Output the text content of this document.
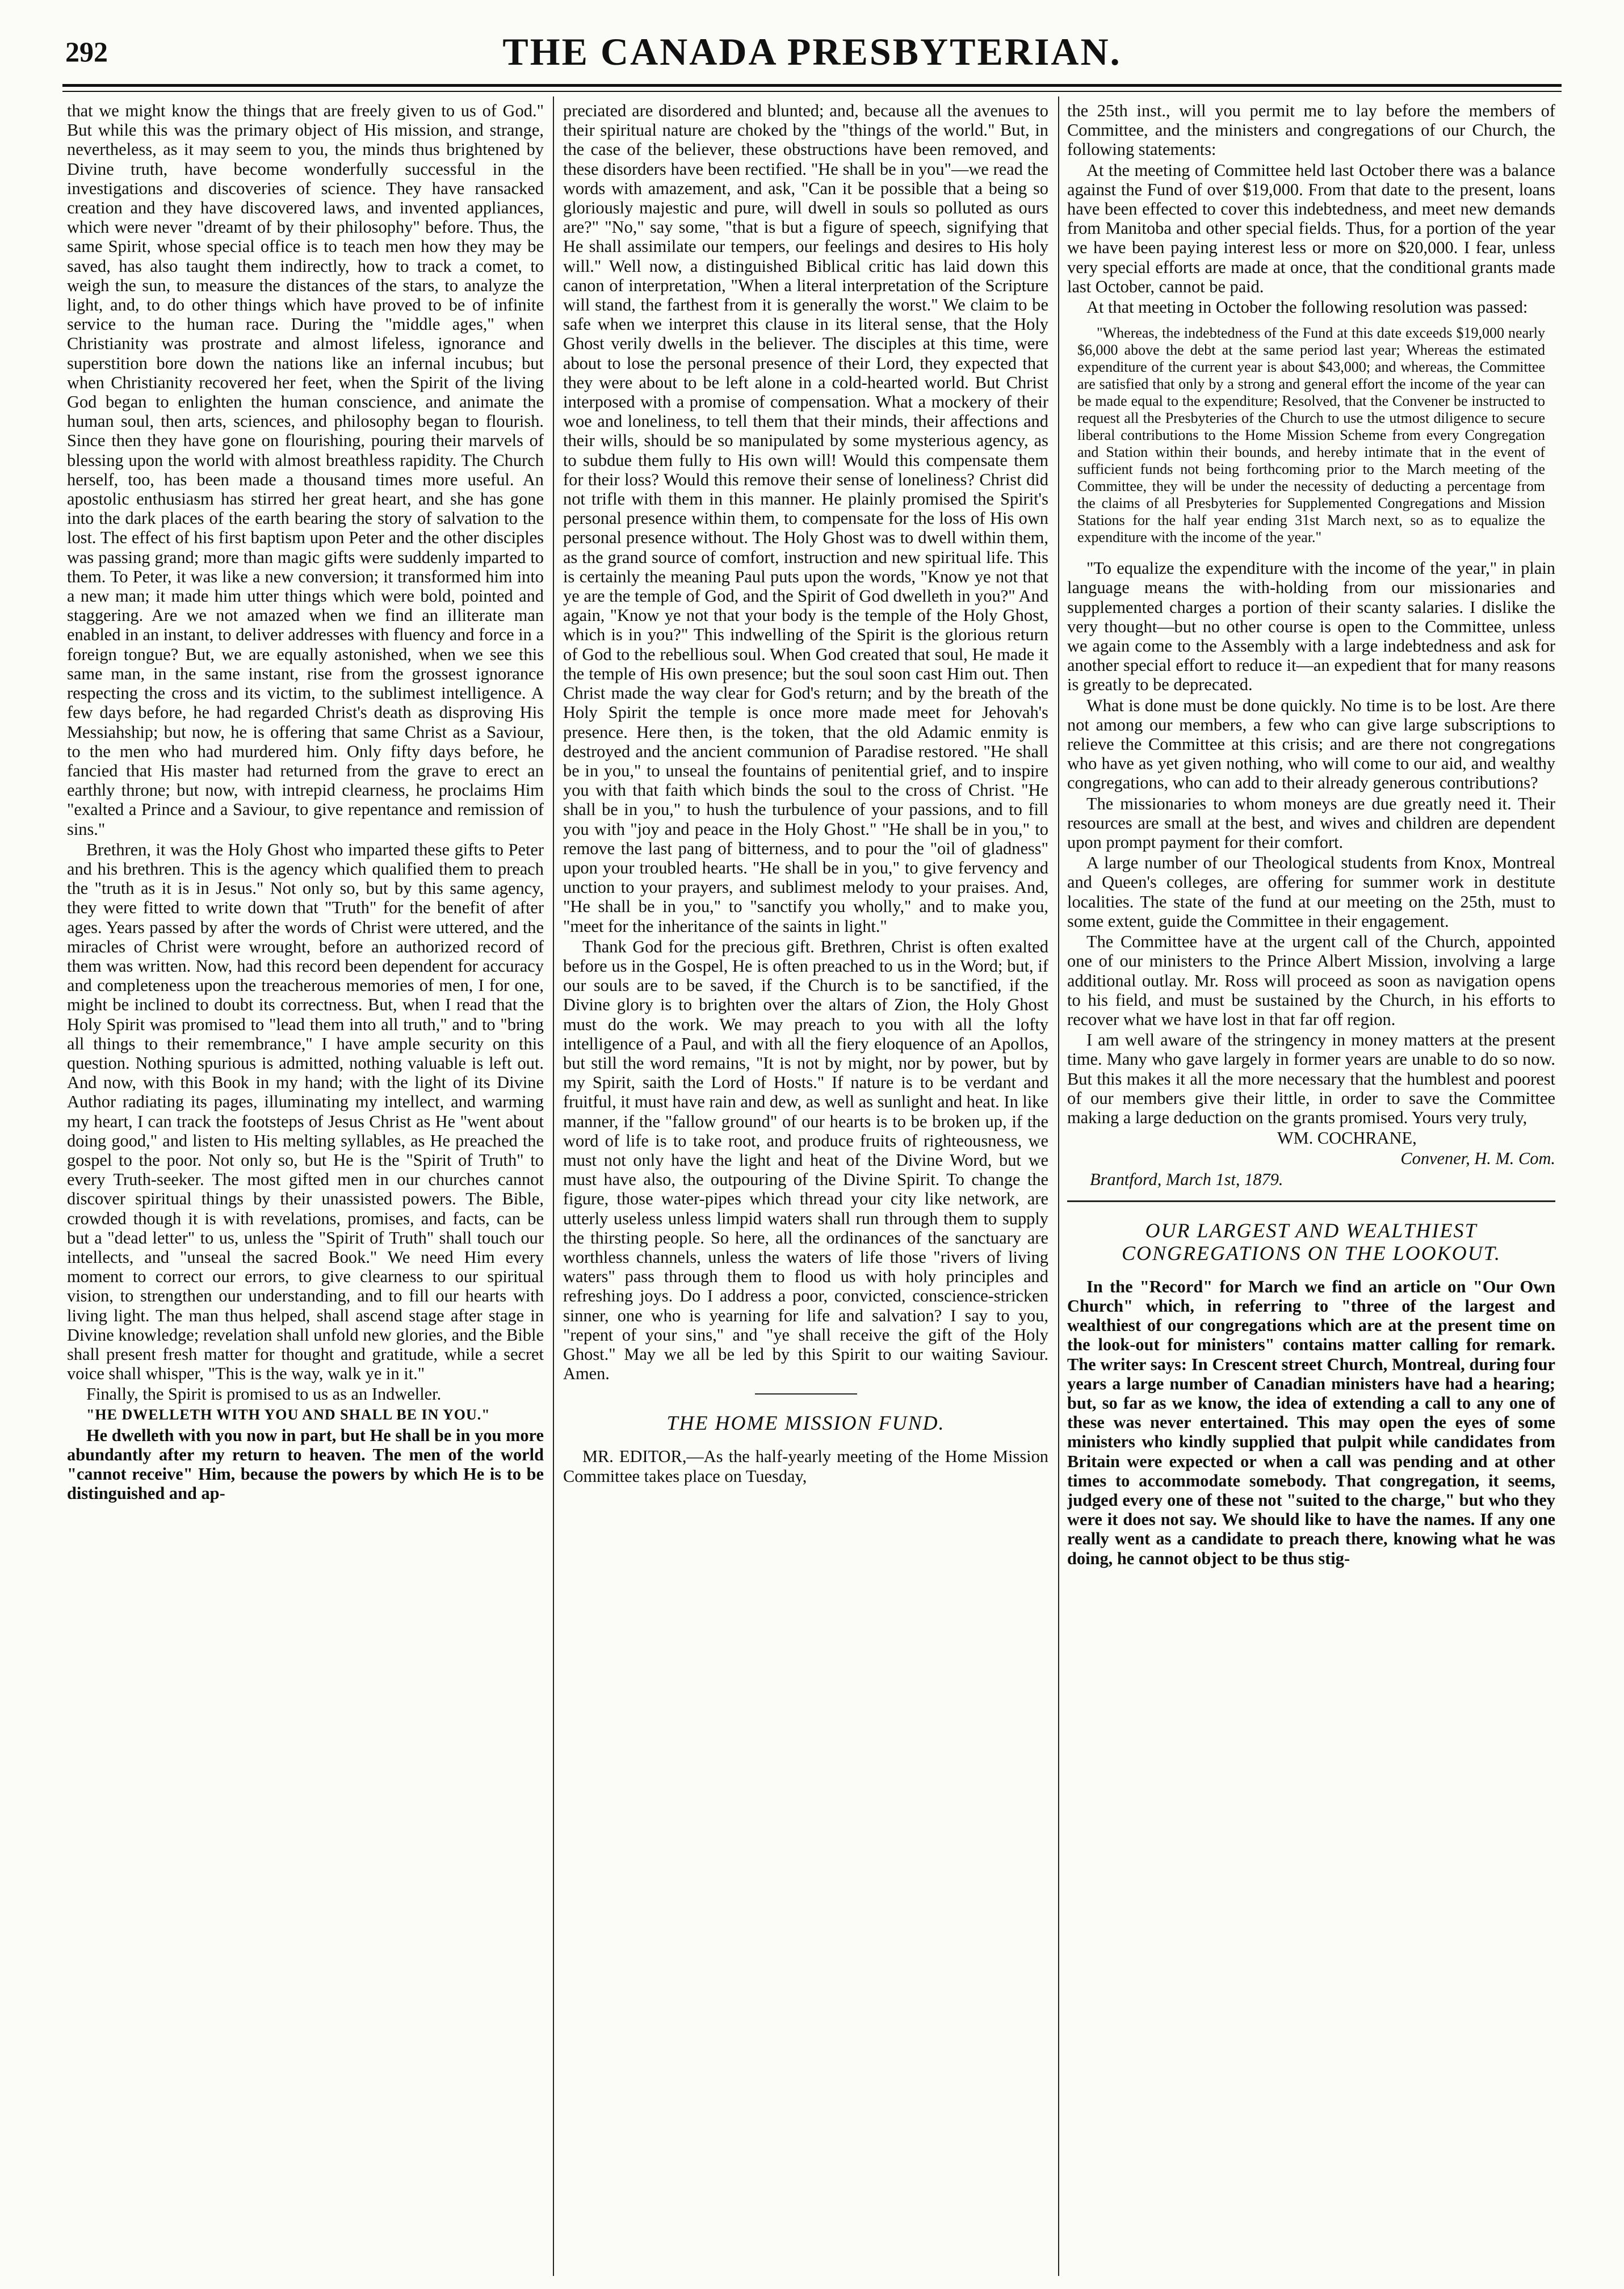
292	THE CANADA PRESBYTERIAN.

that we might know the things that are freely given to us of God." But while this was the primary object of His mission, and strange, nevertheless, as it may seem to you, the minds thus brightened by Divine truth, have become wonderfully successful in the investigations and discoveries of science. They have ransacked creation and they have discovered laws, and invented appliances, which were never "dreamt of by their philosophy" before. Thus, the same Spirit, whose special office is to teach men how they may be saved, has also taught them indirectly, how to track a comet, to weigh the sun, to measure the distances of the stars, to analyze the light, and, to do other things which have proved to be of infinite service to the human race. During the "middle ages," when Christianity was prostrate and almost lifeless, ignorance and superstition bore down the nations like an infernal incubus; but when Christianity recovered her feet, when the Spirit of the living God began to enlighten the human conscience, and animate the human soul, then arts, sciences, and philosophy began to flourish. Since then they have gone on flourishing, pouring their marvels of blessing upon the world with almost breathless rapidity. The Church herself, too, has been made a thousand times more useful. An apostolic enthusiasm has stirred her great heart, and she has gone into the dark places of the earth bearing the story of salvation to the lost. The effect of his first baptism upon Peter and the other disciples was passing grand; more than magic gifts were suddenly imparted to them. To Peter, it was like a new conversion; it transformed him into a new man; it made him utter things which were bold, pointed and staggering. Are we not amazed when we find an illiterate man enabled in an instant, to deliver addresses with fluency and force in a foreign tongue? But, we are equally astonished, when we see this same man, in the same instant, rise from the grossest ignorance respecting the cross and its victim, to the sublimest intelligence. A few days before, he had regarded Christ's death as disproving His Messiahship; but now, he is offering that same Christ as a Saviour, to the men who had murdered him. Only fifty days before, he fancied that His master had returned from the grave to erect an earthly throne; but now, with intrepid clearness, he proclaims Him "exalted a Prince and a Saviour, to give repentance and remission of sins."

Brethren, it was the Holy Ghost who imparted these gifts to Peter and his brethren. This is the agency which qualified them to preach the "truth as it is in Jesus." Not only so, but by this same agency, they were fitted to write down that "Truth" for the benefit of after ages. Years passed by after the words of Christ were uttered, and the miracles of Christ were wrought, before an authorized record of them was written. Now, had this record been dependent for accuracy and completeness upon the treacherous memories of men, I for one, might be inclined to doubt its correctness. But, when I read that the Holy Spirit was promised to "lead them into all truth," and to "bring all things to their remembrance," I have ample security on this question. Nothing spurious is admitted, nothing valuable is left out. And now, with this Book in my hand; with the light of its Divine Author radiating its pages, illuminating my intellect, and warming my heart, I can track the footsteps of Jesus Christ as He "went about doing good," and listen to His melting syllables, as He preached the gospel to the poor. Not only so, but He is the "Spirit of Truth" to every Truth-seeker. The most gifted men in our churches cannot discover spiritual things by their unassisted powers. The Bible, crowded though it is with revelations, promises, and facts, can be but a "dead letter" to us, unless the "Spirit of Truth" shall touch our intellects, and "unseal the sacred Book." We need Him every moment to correct our errors, to give clearness to our spiritual vision, to strengthen our understanding, and to fill our hearts with living light. The man thus helped, shall ascend stage after stage in Divine knowledge; revelation shall unfold new glories, and the Bible shall present fresh matter for thought and gratitude, while a secret voice shall whisper, "This is the way, walk ye in it."

Finally, the Spirit is promised to us as an Indweller.

"HE DWELLETH WITH YOU AND SHALL BE IN YOU."

He dwelleth with you now in part, but He shall be in you more abundantly after my return to heaven. The men of the world "cannot receive" Him, because the powers by which He is to be distinguished and ap-

preciated are disordered and blunted; and, because all the avenues to their spiritual nature are choked by the "things of the world." But, in the case of the believer, these obstructions have been removed, and these disorders have been rectified. "He shall be in you"—we read the words with amazement, and ask, "Can it be possible that a being so gloriously majestic and pure, will dwell in souls so polluted as ours are?" "No," say some, "that is but a figure of speech, signifying that He shall assimilate our tempers, our feelings and desires to His holy will." Well now, a distinguished Biblical critic has laid down this canon of interpretation, "When a literal interpretation of the Scripture will stand, the farthest from it is generally the worst." We claim to be safe when we interpret this clause in its literal sense, that the Holy Ghost verily dwells in the believer. The disciples at this time, were about to lose the personal presence of their Lord, they expected that they were about to be left alone in a cold-hearted world. But Christ interposed with a promise of compensation. What a mockery of their woe and loneliness, to tell them that their minds, their affections and their wills, should be so manipulated by some mysterious agency, as to subdue them fully to His own will! Would this compensate them for their loss? Would this remove their sense of loneliness? Christ did not trifle with them in this manner. He plainly promised the Spirit's personal presence within them, to compensate for the loss of His own personal presence without. The Holy Ghost was to dwell within them, as the grand source of comfort, instruction and new spiritual life. This is certainly the meaning Paul puts upon the words, "Know ye not that ye are the temple of God, and the Spirit of God dwelleth in you?" And again, "Know ye not that your body is the temple of the Holy Ghost, which is in you?" This indwelling of the Spirit is the glorious return of God to the rebellious soul. When God created that soul, He made it the temple of His own presence; but the soul soon cast Him out. Then Christ made the way clear for God's return; and by the breath of the Holy Spirit the temple is once more made meet for Jehovah's presence. Here then, is the token, that the old Adamic enmity is destroyed and the ancient communion of Paradise restored. "He shall be in you," to unseal the fountains of penitential grief, and to inspire you with that faith which binds the soul to the cross of Christ. "He shall be in you," to hush the turbulence of your passions, and to fill you with "joy and peace in the Holy Ghost." "He shall be in you," to remove the last pang of bitterness, and to pour the "oil of gladness" upon your troubled hearts. "He shall be in you," to give fervency and unction to your prayers, and sublimest melody to your praises. And, "He shall be in you," to "sanctify you wholly," and to make you, "meet for the inheritance of the saints in light."

Thank God for the precious gift. Brethren, Christ is often exalted before us in the Gospel, He is often preached to us in the Word; but, if our souls are to be saved, if the Church is to be sanctified, if the Divine glory is to brighten over the altars of Zion, the Holy Ghost must do the work. We may preach to you with all the lofty intelligence of a Paul, and with all the fiery eloquence of an Apollos, but still the word remains, "It is not by might, nor by power, but by my Spirit, saith the Lord of Hosts." If nature is to be verdant and fruitful, it must have rain and dew, as well as sunlight and heat. In like manner, if the "fallow ground" of our hearts is to be broken up, if the word of life is to take root, and produce fruits of righteousness, we must not only have the light and heat of the Divine Word, but we must have also, the outpouring of the Divine Spirit. To change the figure, those water-pipes which thread your city like network, are utterly useless unless limpid waters shall run through them to supply the thirsting people. So here, all the ordinances of the sanctuary are worthless channels, unless the waters of life those "rivers of living waters" pass through them to flood us with holy principles and refreshing joys. Do I address a poor, convicted, conscience-stricken sinner, one who is yearning for life and salvation? I say to you, "repent of your sins," and "ye shall receive the gift of the Holy Ghost." May we all be led by this Spirit to our waiting Saviour. Amen.

THE HOME MISSION FUND.

MR. EDITOR,—As the half-yearly meeting of the Home Mission Committee takes place on Tuesday,

the 25th inst., will you permit me to lay before the members of Committee, and the ministers and congregations of our Church, the following statements:

At the meeting of Committee held last October there was a balance against the Fund of over $19,000. From that date to the present, loans have been effected to cover this indebtedness, and meet new demands from Manitoba and other special fields. Thus, for a portion of the year we have been paying interest less or more on $20,000. I fear, unless very special efforts are made at once, that the conditional grants made last October, cannot be paid.

At that meeting in October the following resolution was passed:

"Whereas, the indebtedness of the Fund at this date exceeds $19,000 nearly $6,000 above the debt at the same period last year; Whereas the estimated expenditure of the current year is about $43,000; and whereas, the Committee are satisfied that only by a strong and general effort the income of the year can be made equal to the expenditure; Resolved, that the Convener be instructed to request all the Presbyteries of the Church to use the utmost diligence to secure liberal contributions to the Home Mission Scheme from every Congregation and Station within their bounds, and hereby intimate that in the event of sufficient funds not being forthcoming prior to the March meeting of the Committee, they will be under the necessity of deducting a percentage from the claims of all Presbyteries for Supplemented Congregations and Mission Stations for the half year ending 31st March next, so as to equalize the expenditure with the income of the year."

"To equalize the expenditure with the income of the year," in plain language means the with-holding from our missionaries and supplemented charges a portion of their scanty salaries. I dislike the very thought—but no other course is open to the Committee, unless we again come to the Assembly with a large indebtedness and ask for another special effort to reduce it—an expedient that for many reasons is greatly to be deprecated.

What is done must be done quickly. No time is to be lost. Are there not among our members, a few who can give large subscriptions to relieve the Committee at this crisis; and are there not congregations who have as yet given nothing, who will come to our aid, and wealthy congregations, who can add to their already generous contributions?

The missionaries to whom moneys are due greatly need it. Their resources are small at the best, and wives and children are dependent upon prompt payment for their comfort.

A large number of our Theological students from Knox, Montreal and Queen's colleges, are offering for summer work in destitute localities. The state of the fund at our meeting on the 25th, must to some extent, guide the Committee in their engagement.

The Committee have at the urgent call of the Church, appointed one of our ministers to the Prince Albert Mission, involving a large additional outlay. Mr. Ross will proceed as soon as navigation opens to his field, and must be sustained by the Church, in his efforts to recover what we have lost in that far off region.

I am well aware of the stringency in money matters at the present time. Many who gave largely in former years are unable to do so now. But this makes it all the more necessary that the humblest and poorest of our members give their little, in order to save the Committee making a large deduction on the grants promised. Yours very truly,

WM. COCHRANE,

Convener, H. M. Com.

Brantford, March 1st, 1879.

OUR LARGEST AND WEALTHIEST CONGREGATIONS ON THE LOOKOUT.

In the "Record" for March we find an article on "Our Own Church" which, in referring to "three of the largest and wealthiest of our congregations which are at the present time on the look-out for ministers" contains matter calling for remark. The writer says: In Crescent street Church, Montreal, during four years a large number of Canadian ministers have had a hearing; but, so far as we know, the idea of extending a call to any one of these was never entertained. This may open the eyes of some ministers who kindly supplied that pulpit while candidates from Britain were expected or when a call was pending and at other times to accommodate somebody. That congregation, it seems, judged every one of these not "suited to the charge," but who they were it does not say. We should like to have the names. If any one really went as a candidate to preach there, knowing what he was doing, he cannot object to be thus stig-
